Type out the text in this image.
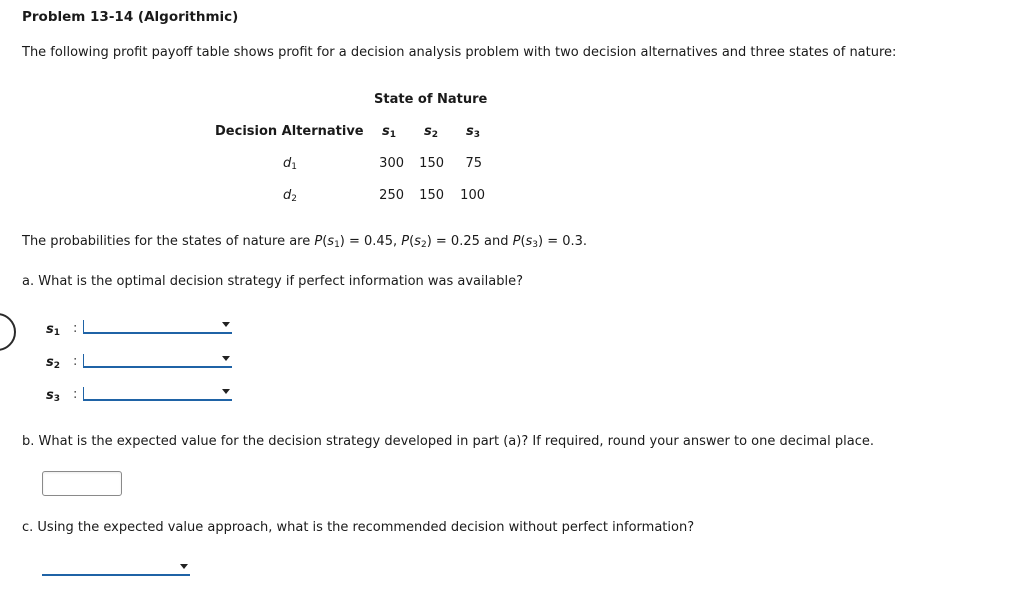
Problem 13-14 (Algorithmic)
The following profit payoff table shows profit for a decision analysis problem with two decision alternatives and three states of nature:
State of Nature
Decision Alternative $s_1$ $s_2$ $s_3$
$d_1$	300	150	75
$d_2$	250	150	100
The probabilities for the states of nature are $P(s_1) = 0.45$, $P(s_2) = 0.25$ and $P(s_3) = 0.3$.
a. What is the optimal decision strategy if perfect information was available?
$s_1$ :
$s_2$ :
$s_3$ :
b. What is the expected value for the decision strategy developed in part (a)? If required, round your answer to one decimal place.
c. Using the expected value approach, what is the recommended decision without perfect information?
